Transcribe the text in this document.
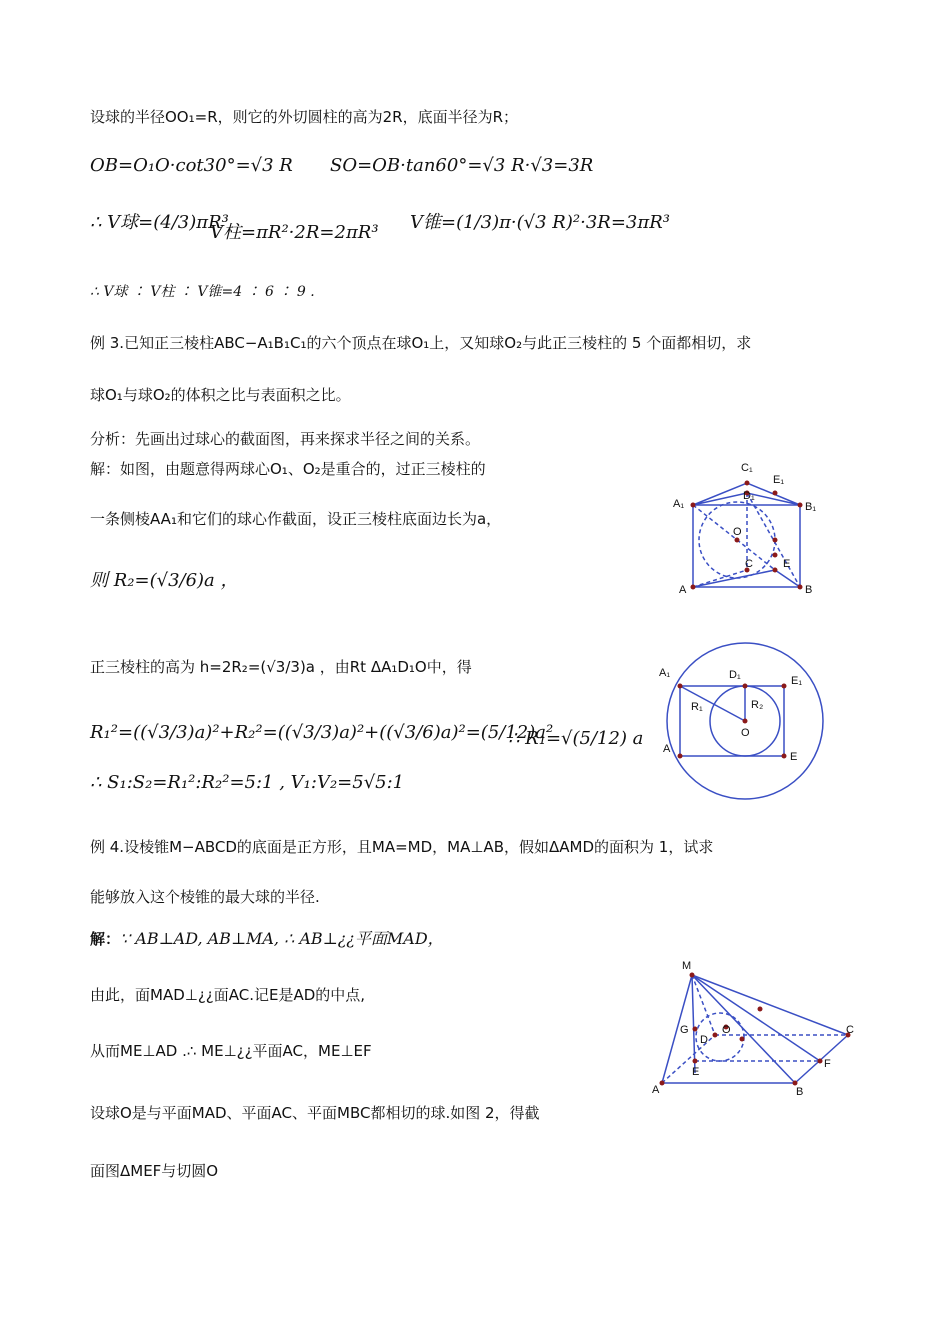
设球的半径OO₁=R，则它的外切圆柱的高为2R，底面半径为R；
OB=O₁O·cot30°=√3 R SO=OB·tan60°=√3 R·√3=3R
∴ V球=(4/3)πR³
V柱=πR²·2R=2πR³ V锥=(1/3)π·(√3 R)²·3R=3πR³
∴ V球 ∶ V柱 ∶ V锥=4 ∶ 6 ∶ 9 .
例 3.已知正三棱柱ABC−A₁B₁C₁的六个顶点在球O₁上，又知球O₂与此正三棱柱的 5 个面都相切，求
球O₁与球O₂的体积之比与表面积之比。
分析：先画出过球心的截面图，再来探求半径之间的关系。
解：如图，由题意得两球心O₁、O₂是重合的，过正三棱柱的
一条侧棱AA₁和它们的球心作截面，设正三棱柱底面边长为a，
则 R₂=(√3/6)a ，
正三棱柱的高为 h=2R₂=(√3/3)a ，由Rt ΔA₁D₁O中，得
R₁²=((√3/3)a)²+R₂²=((√3/3)a)²+((√3/6)a)²=(5/12)a²
∴ R₁=√(5/12) a
∴ S₁:S₂=R₁²:R₂²=5:1 , V₁:V₂=5√5:1
例 4.设棱锥M−ABCD的底面是正方形，且MA=MD，MA⊥AB，假如ΔAMD的面积为 1，试求
能够放入这个棱锥的最大球的半径.
解：∵ AB⊥AD, AB⊥MA, ∴ AB⊥¿¿平面MAD，
由此，面MAD⊥¿¿面AC.记E是AD的中点,
从而ME⊥AD .∴ ME⊥¿¿平面AC，ME⊥EF
设球O是与平面MAD、平面AC、平面MBC都相切的球.如图 2，得截
面图ΔMEF与切圆O
C₁
E₁
A₁
D₁
B₁
O
C	E
A	B
A₁	D₁	E₁
R₁	R₂
O
A
E
M
G	O
D
C
E
F
A	B
